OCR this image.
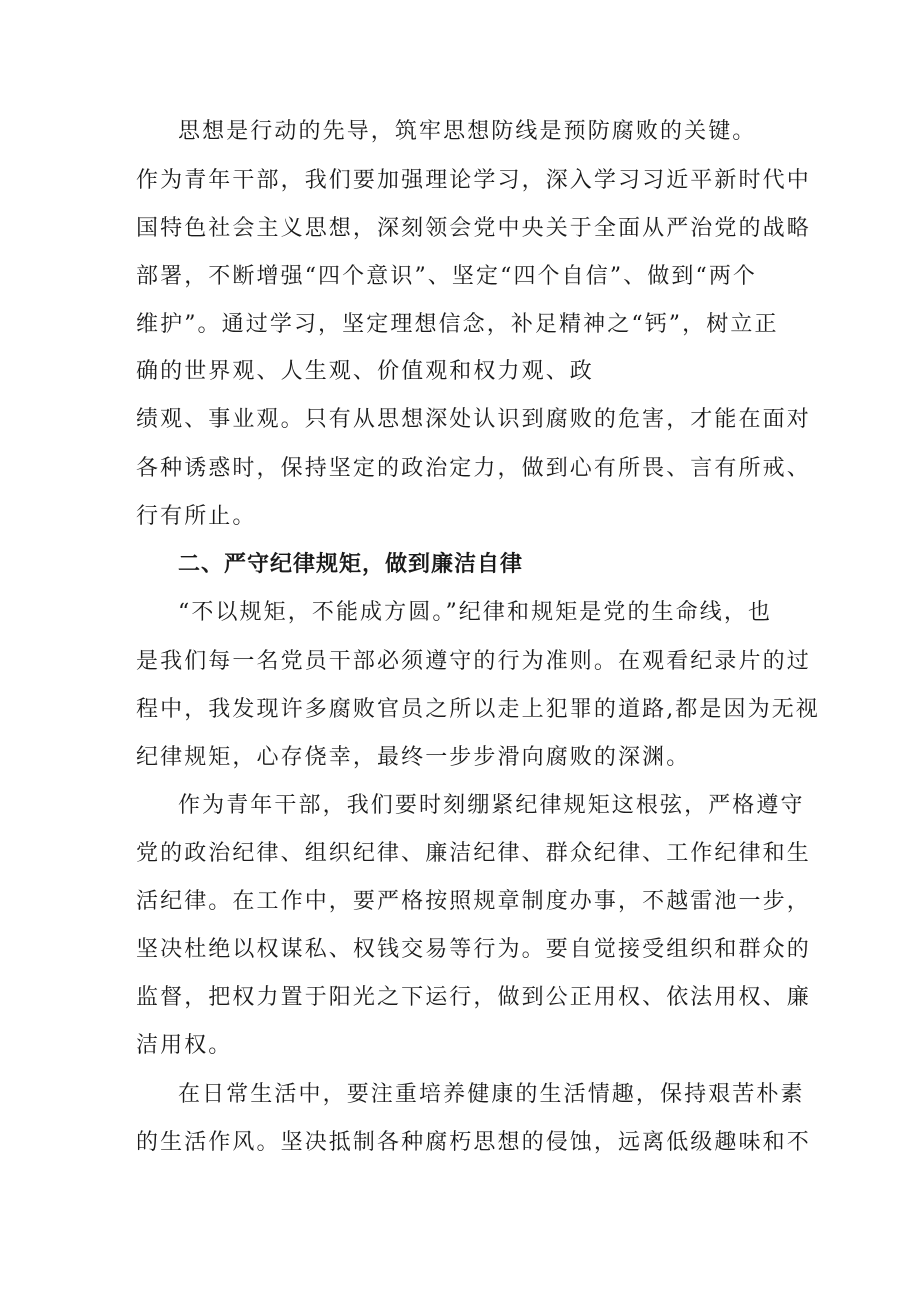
思想是行动的先导，筑牢思想防线是预防腐败的关键。
作为青年干部，我们要加强理论学习，深入学习习近平新时代中
国特色社会主义思想，深刻领会党中央关于全面从严治党的战略
部署，不断增强“四个意识”、坚定“四个自信”、做到“两个
维护”。通过学习，坚定理想信念，补足精神之“钙”，树立正
确的世界观、人生观、价值观和权力观、政
绩观、事业观。只有从思想深处认识到腐败的危害，才能在面对
各种诱惑时，保持坚定的政治定力，做到心有所畏、言有所戒、
行有所止。
二、严守纪律规矩，做到廉洁自律
“不以规矩，不能成方圆。”纪律和规矩是党的生命线，也
是我们每一名党员干部必须遵守的行为准则。在观看纪录片的过
程中，我发现许多腐败官员之所以走上犯罪的道路,都是因为无视
纪律规矩，心存侥幸，最终一步步滑向腐败的深渊。
作为青年干部，我们要时刻绷紧纪律规矩这根弦，严格遵守
党的政治纪律、组织纪律、廉洁纪律、群众纪律、工作纪律和生
活纪律。在工作中，要严格按照规章制度办事，不越雷池一步，
坚决杜绝以权谋私、权钱交易等行为。要自觉接受组织和群众的
监督，把权力置于阳光之下运行，做到公正用权、依法用权、廉
洁用权。
在日常生活中，要注重培养健康的生活情趣，保持艰苦朴素
的生活作风。坚决抵制各种腐朽思想的侵蚀，远离低级趣味和不
